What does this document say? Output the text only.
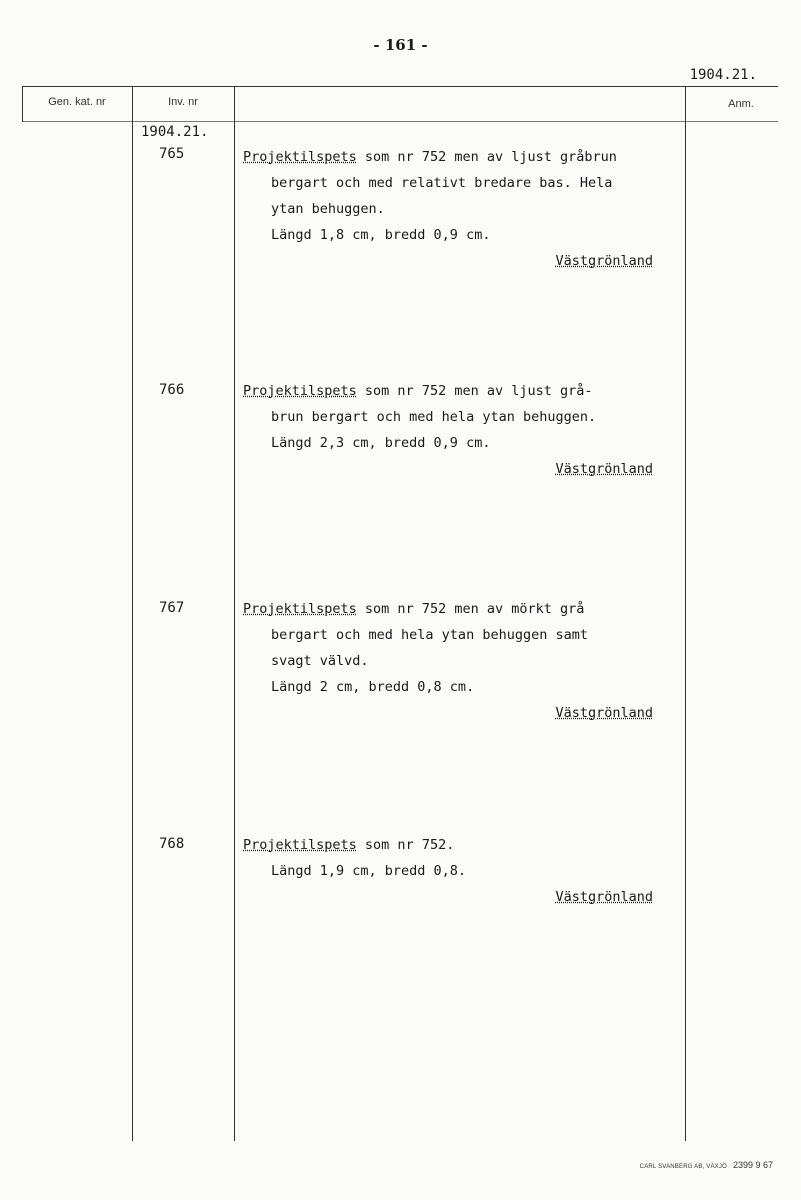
- 161 -
1904.21.
Gen. kat. nr	Inv. nr	Anm.
1904.21.
765	Projektilspets som nr 752 men av ljust gråbrun
bergart och med relativt bredare bas. Hela
ytan behuggen.
Längd 1,8 cm, bredd 0,9 cm.
Västgrönland
766	Projektilspets som nr 752 men av ljust grå-
brun bergart och med hela ytan behuggen.
Längd 2,3 cm, bredd 0,9 cm.
Västgrönland
767	Projektilspets som nr 752 men av mörkt grå
bergart och med hela ytan behuggen samt
svagt välvd.
Längd 2 cm, bredd 0,8 cm.
Västgrönland
768	Projektilspets som nr 752.
Längd 1,9 cm, bredd 0,8.
Västgrönland
CARL SVANBERG AB, VÄXJÖ 2399 9 67
